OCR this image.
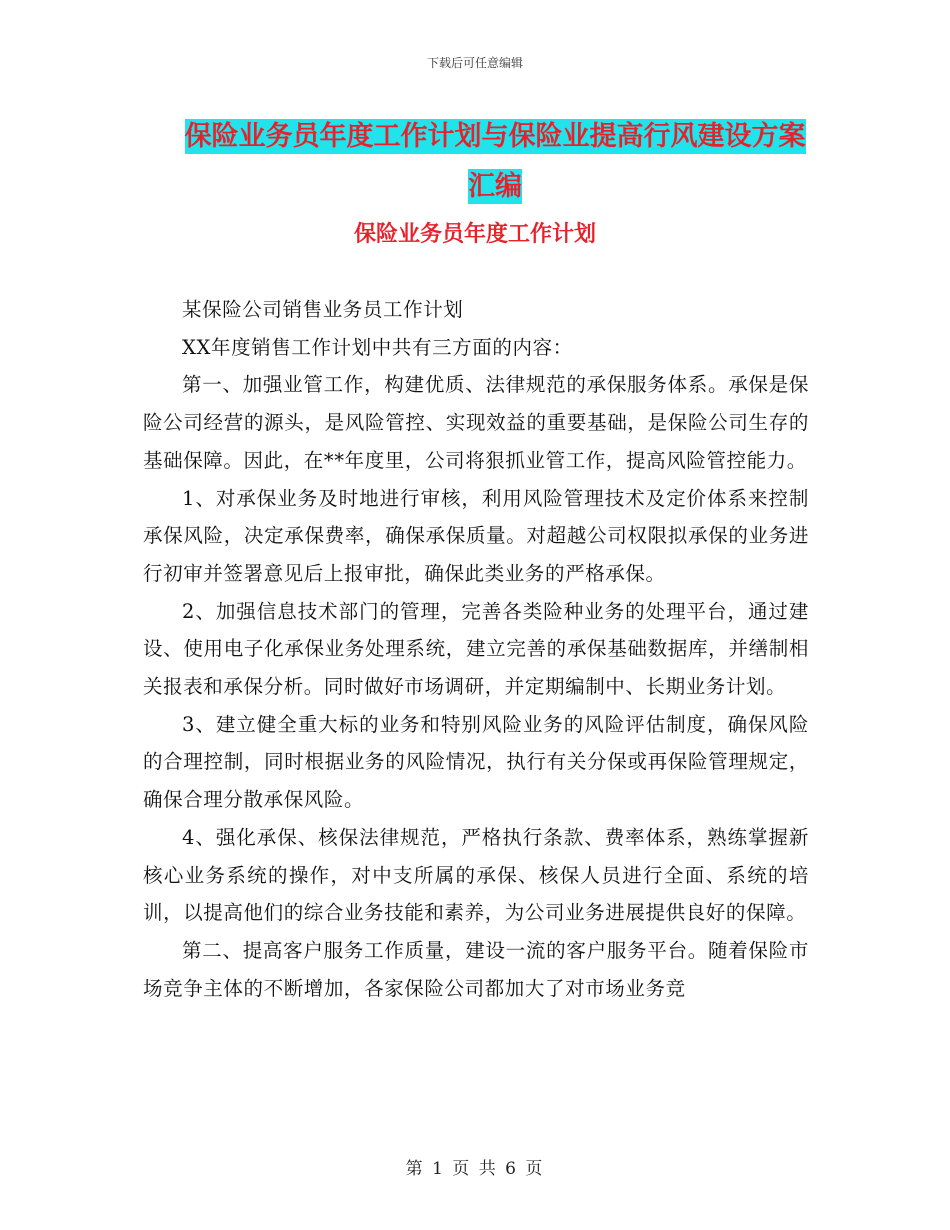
下载后可任意编辑
保险业务员年度工作计划与保险业提高行风建设方案
汇编
保险业务员年度工作计划

某保险公司销售业务员工作计划

XX年度销售工作计划中共有三方面的内容：

第一、加强业管工作，构建优质、法律规范的承保服务体系。承保是保险公司经营的源头，是风险管控、实现效益的重要基础，是保险公司生存的基础保障。因此，在**年度里，公司将狠抓业管工作，提高风险管控能力。

1、对承保业务及时地进行审核，利用风险管理技术及定价体系来控制承保风险，决定承保费率，确保承保质量。对超越公司权限拟承保的业务进行初审并签署意见后上报审批，确保此类业务的严格承保。

2、加强信息技术部门的管理，完善各类险种业务的处理平台，通过建设、使用电子化承保业务处理系统，建立完善的承保基础数据库，并缮制相关报表和承保分析。同时做好市场调研，并定期编制中、长期业务计划。

3、建立健全重大标的业务和特别风险业务的风险评估制度，确保风险的合理控制，同时根据业务的风险情况，执行有关分保或再保险管理规定，确保合理分散承保风险。

4、强化承保、核保法律规范，严格执行条款、费率体系，熟练掌握新核心业务系统的操作，对中支所属的承保、核保人员进行全面、系统的培训，以提高他们的综合业务技能和素养，为公司业务进展提供良好的保障。

第二、提高客户服务工作质量，建设一流的客户服务平台。随着保险市场竞争主体的不断增加，各家保险公司都加大了对市场业务竞

第 1 页 共 6 页
